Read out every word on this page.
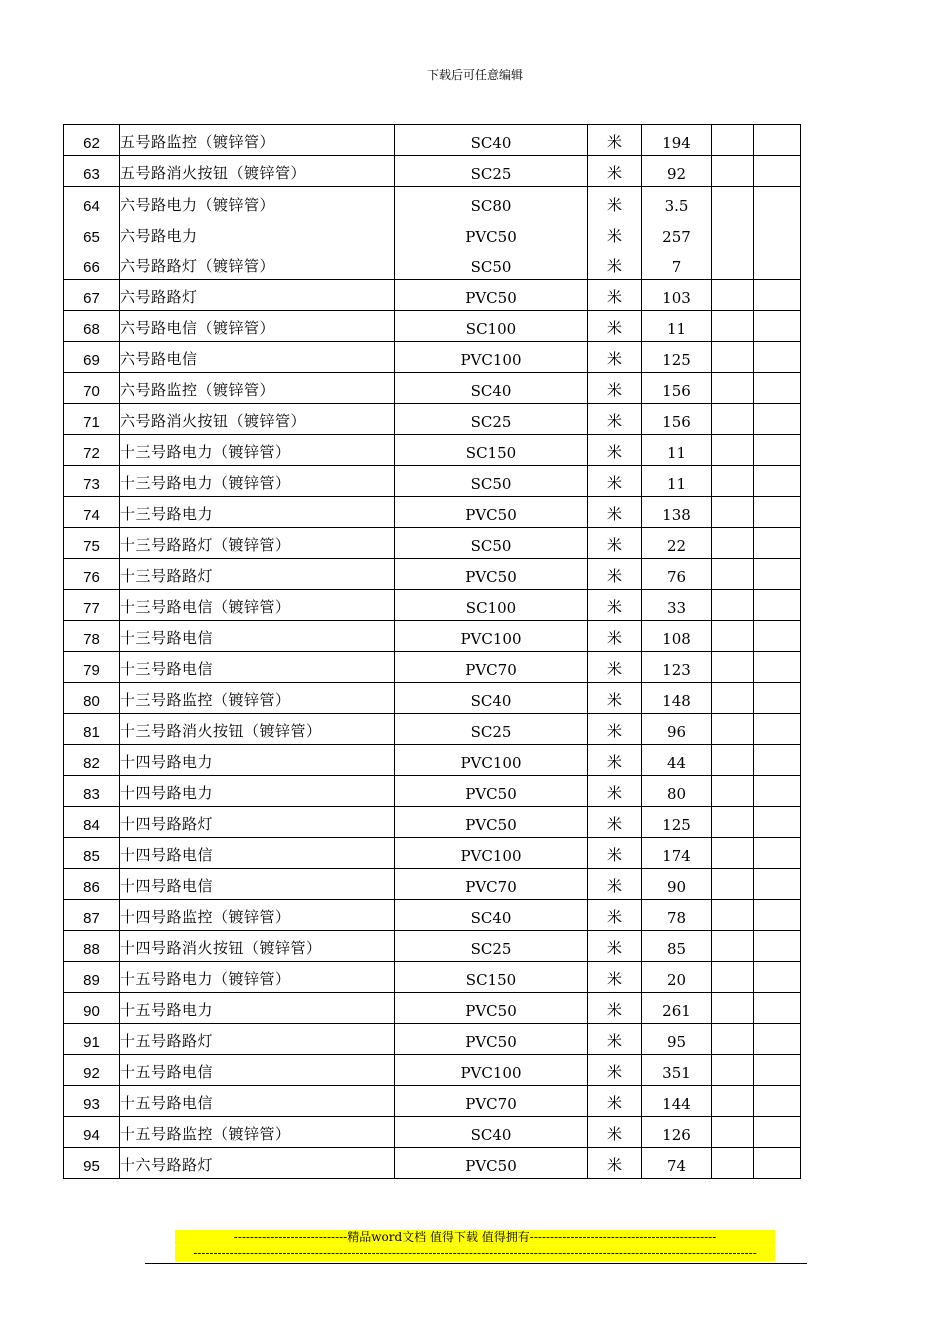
下载后可任意编辑
62	五号路监控（镀锌管）	SC40	米	194		
63	五号路消火按钮（镀锌管）	SC25	米	92		
64	六号路电力（镀锌管）	SC80	米	3.5		
65	六号路电力	PVC50	米	257		
66	六号路路灯（镀锌管）	SC50	米	7		
67	六号路路灯	PVC50	米	103		
68	六号路电信（镀锌管）	SC100	米	11		
69	六号路电信	PVC100	米	125		
70	六号路监控（镀锌管）	SC40	米	156		
71	六号路消火按钮（镀锌管）	SC25	米	156		
72	十三号路电力（镀锌管）	SC150	米	11		
73	十三号路电力（镀锌管）	SC50	米	11		
74	十三号路电力	PVC50	米	138		
75	十三号路路灯（镀锌管）	SC50	米	22		
76	十三号路路灯	PVC50	米	76		
77	十三号路电信（镀锌管）	SC100	米	33		
78	十三号路电信	PVC100	米	108		
79	十三号路电信	PVC70	米	123		
80	十三号路监控（镀锌管）	SC40	米	148		
81	十三号路消火按钮（镀锌管）	SC25	米	96		
82	十四号路电力	PVC100	米	44		
83	十四号路电力	PVC50	米	80		
84	十四号路路灯	PVC50	米	125		
85	十四号路电信	PVC100	米	174		
86	十四号路电信	PVC70	米	90		
87	十四号路监控（镀锌管）	SC40	米	78		
88	十四号路消火按钮（镀锌管）	SC25	米	85		
89	十五号路电力（镀锌管）	SC150	米	20		
90	十五号路电力	PVC50	米	261		
91	十五号路路灯	PVC50	米	95		
92	十五号路电信	PVC100	米	351		
93	十五号路电信	PVC70	米	144		
94	十五号路监控（镀锌管）	SC40	米	126		
95	十六号路路灯	PVC50	米	74		
----------------------------精品word文档 值得下载 值得拥有----------------------------------------------
-------------------------------------------------------------------------------------------------------------------------------------------
